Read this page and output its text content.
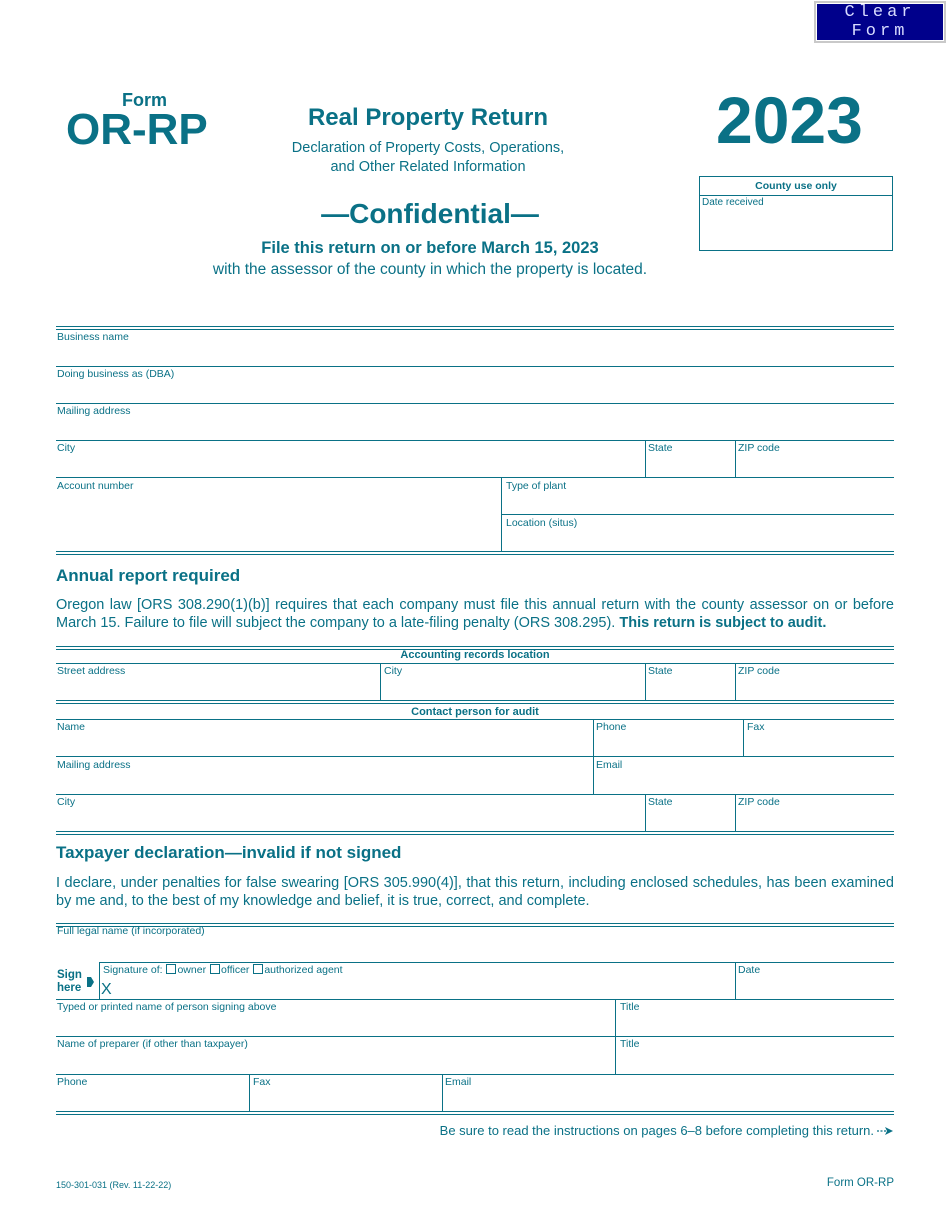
Clear Form
Form
OR-RP	Real Property Return
Declaration of Property Costs, Operations,
and Other Related Information
2023
County use only
Date received
—Confidential—
File this return on or before March 15, 2023
with the assessor of the county in which the property is located.
Business name
Doing business as (DBA)
Mailing address
City	State	ZIP code
Account number	Type of plant
Location (situs)
Annual report required
Oregon law [ORS 308.290(1)(b)] requires that each company must file this annual return with the county assessor on or before March 15. Failure to file will subject the company to a late-filing penalty (ORS 308.295). This return is subject to audit.
Accounting records location
Street address	City	State	ZIP code
Contact person for audit
Name	Phone	Fax
Mailing address	Email
City	State	ZIP code
Taxpayer declaration—invalid if not signed
I declare, under penalties for false swearing [ORS 305.990(4)], that this return, including enclosed schedules, has been examined by me and, to the best of my knowledge and belief, it is true, correct, and complete.
Full legal name (if incorporated)
Sign here
Signature of: owner officer authorized agent
X
Date
Typed or printed name of person signing above	Title
Name of preparer (if other than taxpayer)	Title
Phone	Fax	Email
Be sure to read the instructions on pages 6–8 before completing this return.
150-301-031 (Rev. 11-22-22)	Form OR-RP
